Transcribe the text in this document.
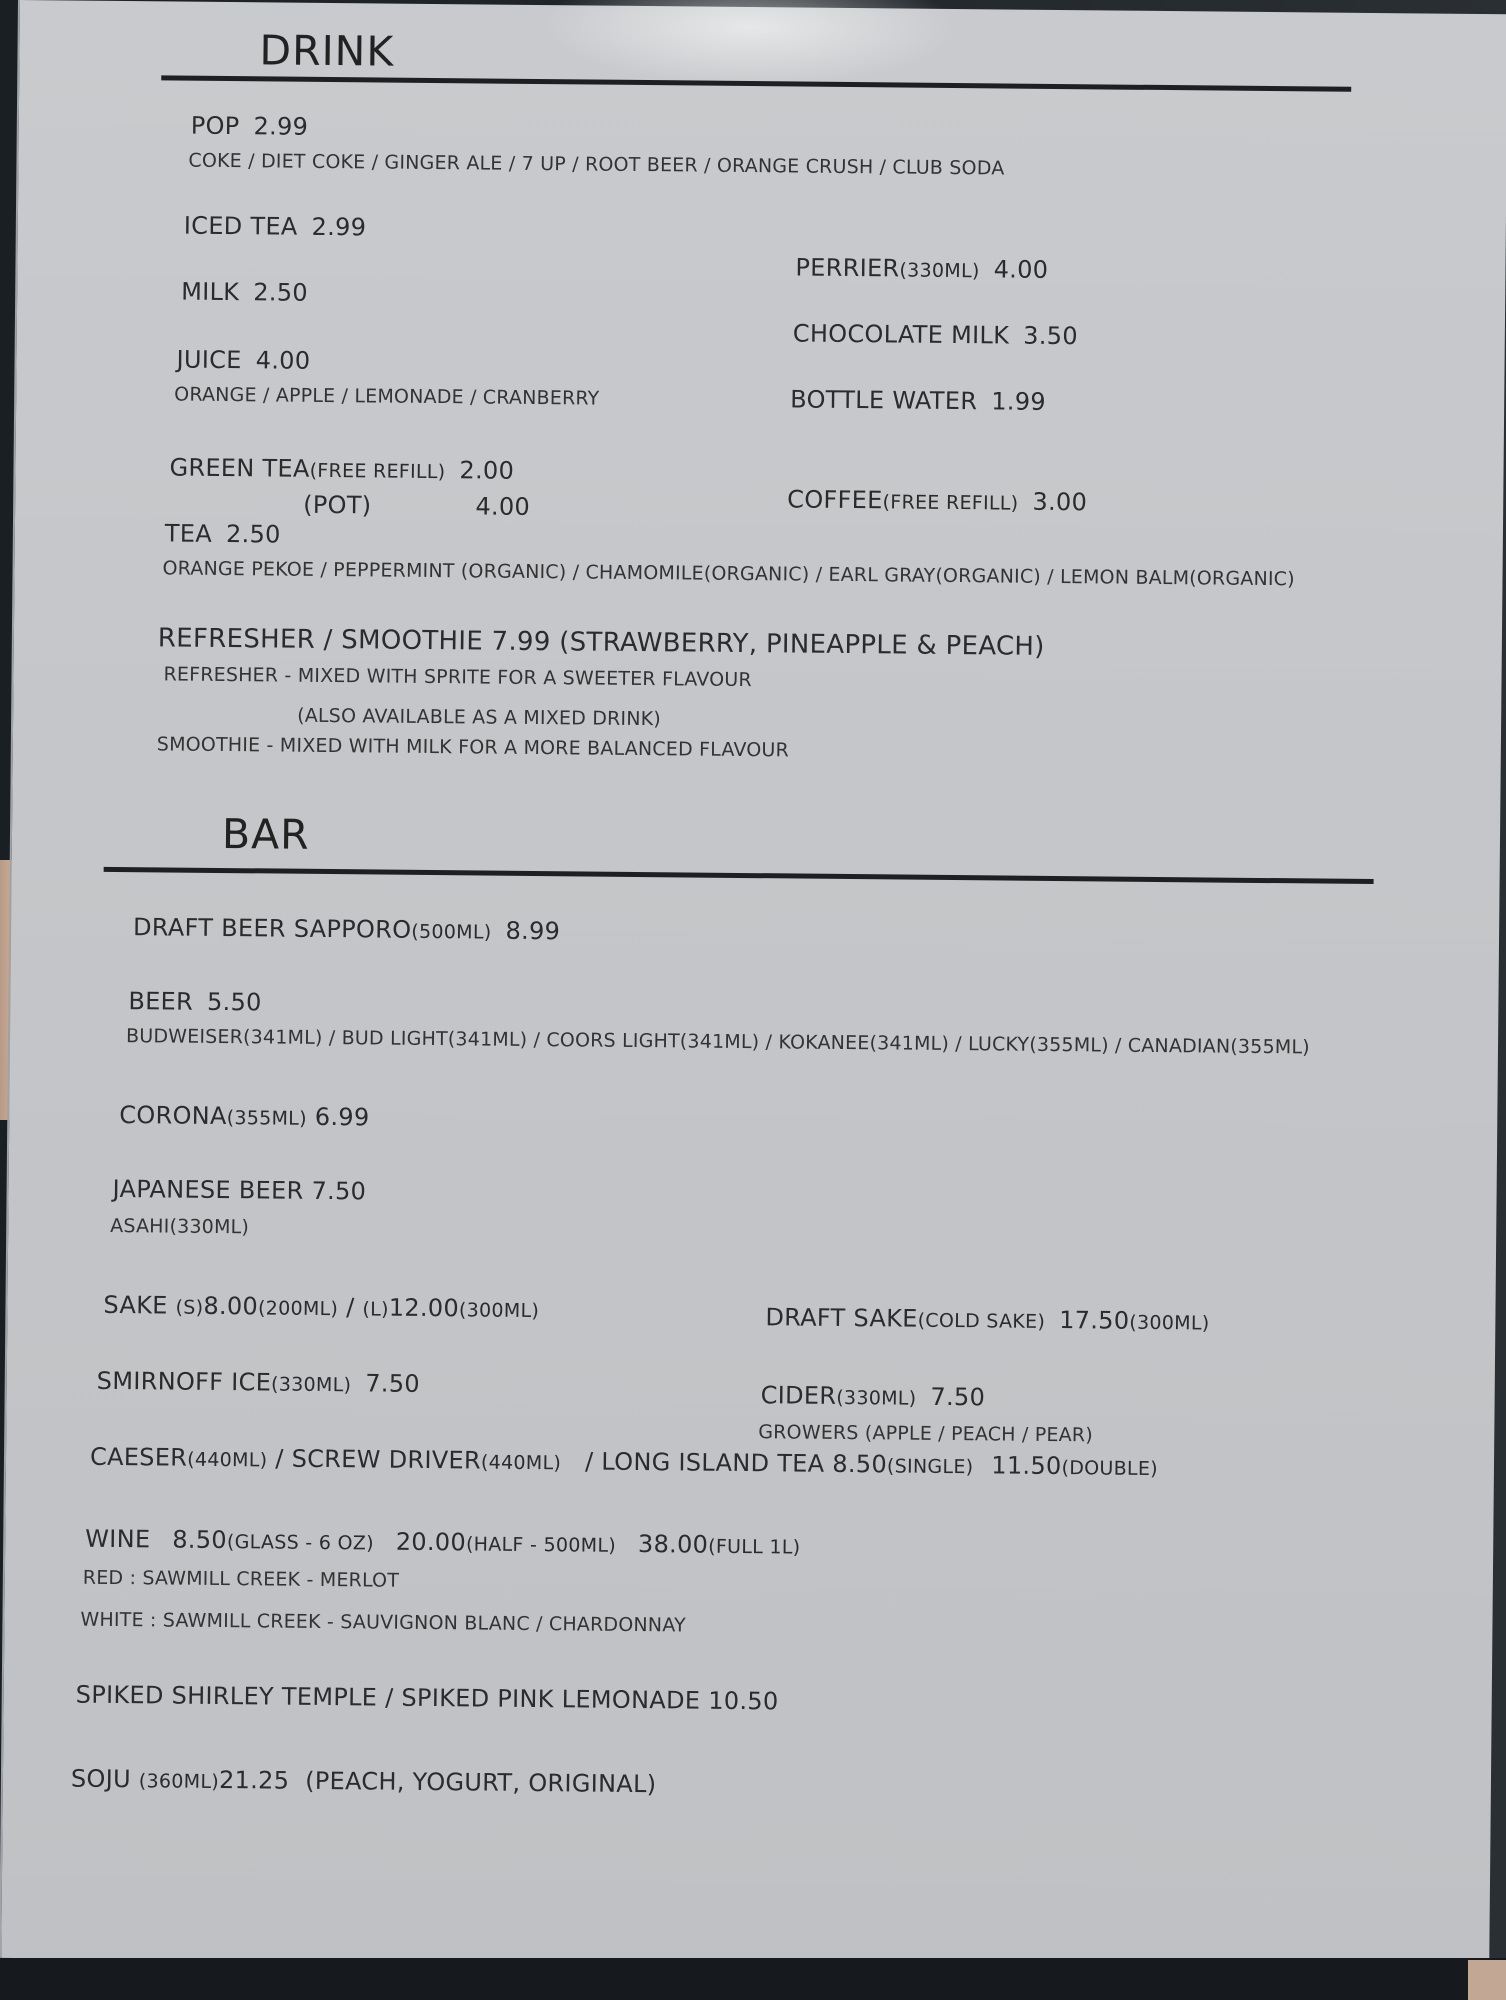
DRINK
POP 2.99
COKE / DIET COKE / GINGER ALE / 7 UP / ROOT BEER / ORANGE CRUSH / CLUB SODA
ICED TEA 2.99
MILK 2.50
JUICE 4.00
ORANGE / APPLE / LEMONADE / CRANBERRY
GREEN TEA(FREE REFILL) 2.00
(POT)	4.00
TEA 2.50
ORANGE PEKOE / PEPPERMINT (ORGANIC) / CHAMOMILE(ORGANIC) / EARL GRAY(ORGANIC) / LEMON BALM(ORGANIC)
PERRIER(330ML) 4.00
CHOCOLATE MILK 3.50
BOTTLE WATER 1.99
COFFEE(FREE REFILL) 3.00
REFRESHER / SMOOTHIE 7.99 (STRAWBERRY, PINEAPPLE & PEACH)
REFRESHER - MIXED WITH SPRITE FOR A SWEETER FLAVOUR
(ALSO AVAILABLE AS A MIXED DRINK)
SMOOTHIE - MIXED WITH MILK FOR A MORE BALANCED FLAVOUR
BAR
DRAFT BEER SAPPORO(500ML) 8.99
BEER 5.50
BUDWEISER(341ML) / BUD LIGHT(341ML) / COORS LIGHT(341ML) / KOKANEE(341ML) / LUCKY(355ML) / CANADIAN(355ML)
CORONA(355ML) 6.99
JAPANESE BEER 7.50
ASAHI(330ML)
SAKE (S)8.00(200ML) / (L)12.00(300ML)	DRAFT SAKE(COLD SAKE) 17.50(300ML)
SMIRNOFF ICE(330ML) 7.50	CIDER(330ML) 7.50
GROWERS (APPLE / PEACH / PEAR)
CAESER(440ML) / SCREW DRIVER(440ML) / LONG ISLAND TEA 8.50(SINGLE) 11.50(DOUBLE)
WINE 8.50(GLASS - 6 OZ) 20.00(HALF - 500ML) 38.00(FULL 1L)
RED : SAWMILL CREEK - MERLOT
WHITE : SAWMILL CREEK - SAUVIGNON BLANC / CHARDONNAY
SPIKED SHIRLEY TEMPLE / SPIKED PINK LEMONADE 10.50
SOJU (360ML)21.25 (PEACH, YOGURT, ORIGINAL)
